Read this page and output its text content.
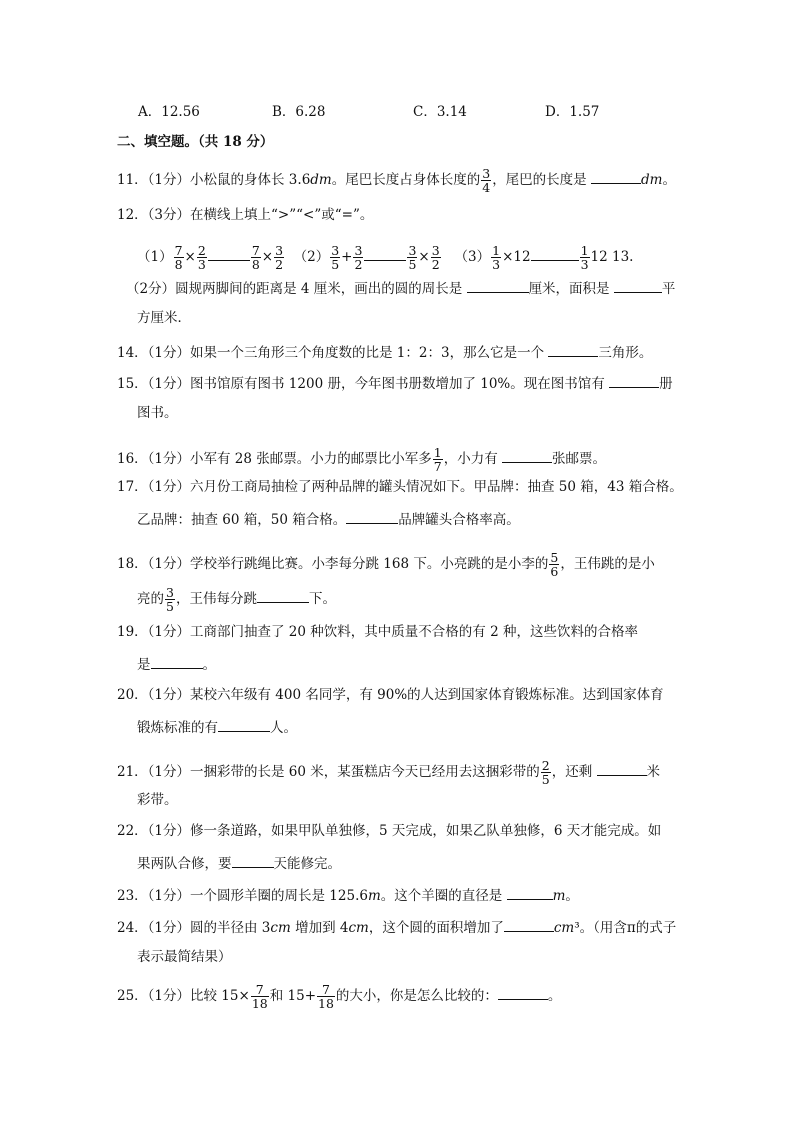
A．12.56	B．6.28	C．3.14	D．1.57
二、填空题。（共 18 分）
11．（1分）小松鼠的身体长 3.6dm。尾巴长度占身体长度的 $\frac{3}{4}$ ，尾巴的长度是	dm。
12．（3分）在横线上填上“>”“<”或“=”。
$(1) \frac{7}{8} \times \frac{2}{3}$	$\frac{7}{8} \times \frac{3}{2} (2) \frac{3}{5} + \frac{3}{2}$	$\frac{3}{5} \times \frac{3}{2} (3) \frac{1}{3} \times 12$	$\frac{1}{3} 12$ 13.
（2分）圆规两脚间的距离是 4 厘米，画出的圆的周长是	厘米，面积是	平
方厘米．
14．（1分）如果一个三角形三个角度数的比是 1：2：3，那么它是一个	三角形。
15．（1分）图书馆原有图书 1200 册，今年图书册数增加了 10%。现在图书馆有	册
图书。
16．（1分）小军有 28 张邮票。小力的邮票比小军多 $\frac{1}{7}$ ，小力有	张邮票。
17．（1分）六月份工商局抽检了两种品牌的罐头情况如下。甲品牌：抽查 50 箱，43 箱合格。
乙品牌：抽查 60 箱，50 箱合格。	品牌罐头合格率高。
18．（1分）学校举行跳绳比赛。小李每分跳 168 下。小亮跳的是小李的 $\frac{5}{6}$ ，王伟跳的是小
亮的 $\frac{3}{5}$ ，王伟每分跳	下。
19．（1分）工商部门抽查了 20 种饮料，其中质量不合格的有 2 种，这些饮料的合格率
是	。
20．（1分）某校六年级有 400 名同学，有 90%的人达到国家体育锻炼标准。达到国家体育
锻炼标准的有	人。
21．（1分）一捆彩带的长是 60 米，某蛋糕店今天已经用去这捆彩带的 $\frac{2}{5}$ ，还剩	米
彩带。
22．（1分）修一条道路，如果甲队单独修，5 天完成，如果乙队单独修，6 天才能完成。如
果两队合修，要	天能修完。
23．（1分）一个圆形羊圈的周长是 125.6m。这个羊圈的直径是	m。
24．（1分）圆的半径由 3cm 增加到 4cm，这个圆的面积增加了	cm³。（用含π的式子
表示最简结果）
25．（1分）比较 $15\times \frac{7}{18}$ 和 $15+ \frac{7}{18}$ 的大小，你是怎么比较的：	。
